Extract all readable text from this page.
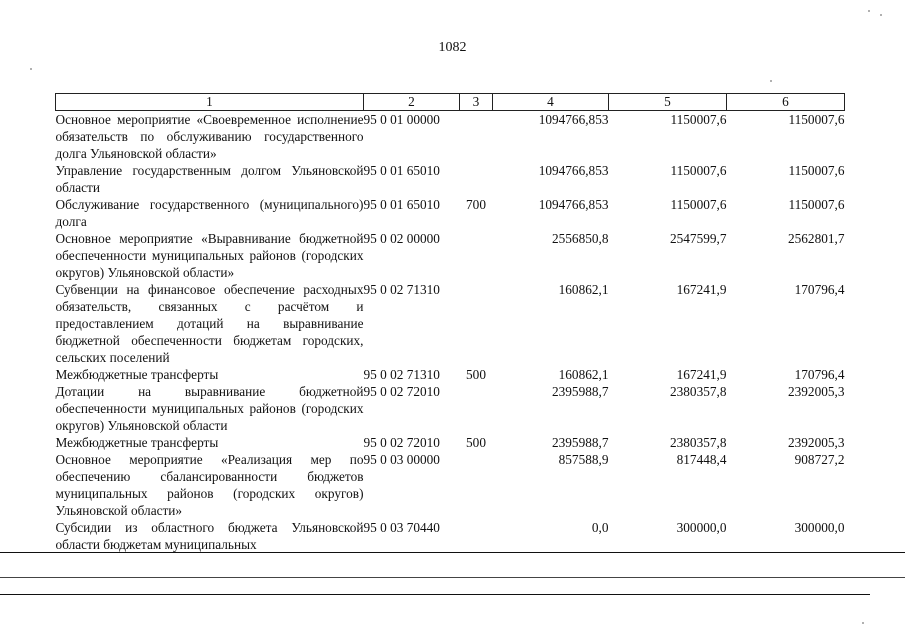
1082
1	2	3	4	5	6
Основное мероприятие «Своевременное исполнение обязательств по обслуживанию государственного долга Ульяновской области»	95 0 01 00000		1094766,853	1150007,6	1150007,6
Управление государственным долгом Ульяновской области	95 0 01 65010		1094766,853	1150007,6	1150007,6
Обслуживание государственного (муниципального) долга	95 0 01 65010	700	1094766,853	1150007,6	1150007,6
Основное мероприятие «Выравнивание бюджетной обеспеченности муниципальных районов (городских округов) Ульяновской области»	95 0 02 00000		2556850,8	2547599,7	2562801,7
Субвенции на финансовое обеспечение расходных обязательств, связанных с расчётом и предоставлением дотаций на выравнивание бюджетной обеспеченности бюджетам городских, сельских поселений	95 0 02 71310		160862,1	167241,9	170796,4
Межбюджетные трансферты	95 0 02 71310	500	160862,1	167241,9	170796,4
Дотации на выравнивание бюджетной обеспеченности муниципальных районов (городских округов) Ульяновской области	95 0 02 72010		2395988,7	2380357,8	2392005,3
Межбюджетные трансферты	95 0 02 72010	500	2395988,7	2380357,8	2392005,3
Основное мероприятие «Реализация мер по обеспечению сбалансированности бюджетов муниципальных районов (городских округов) Ульяновской области»	95 0 03 00000		857588,9	817448,4	908727,2
Субсидии из областного бюджета Ульяновской области бюджетам муниципальных	95 0 03 70440		0,0	300000,0	300000,0
